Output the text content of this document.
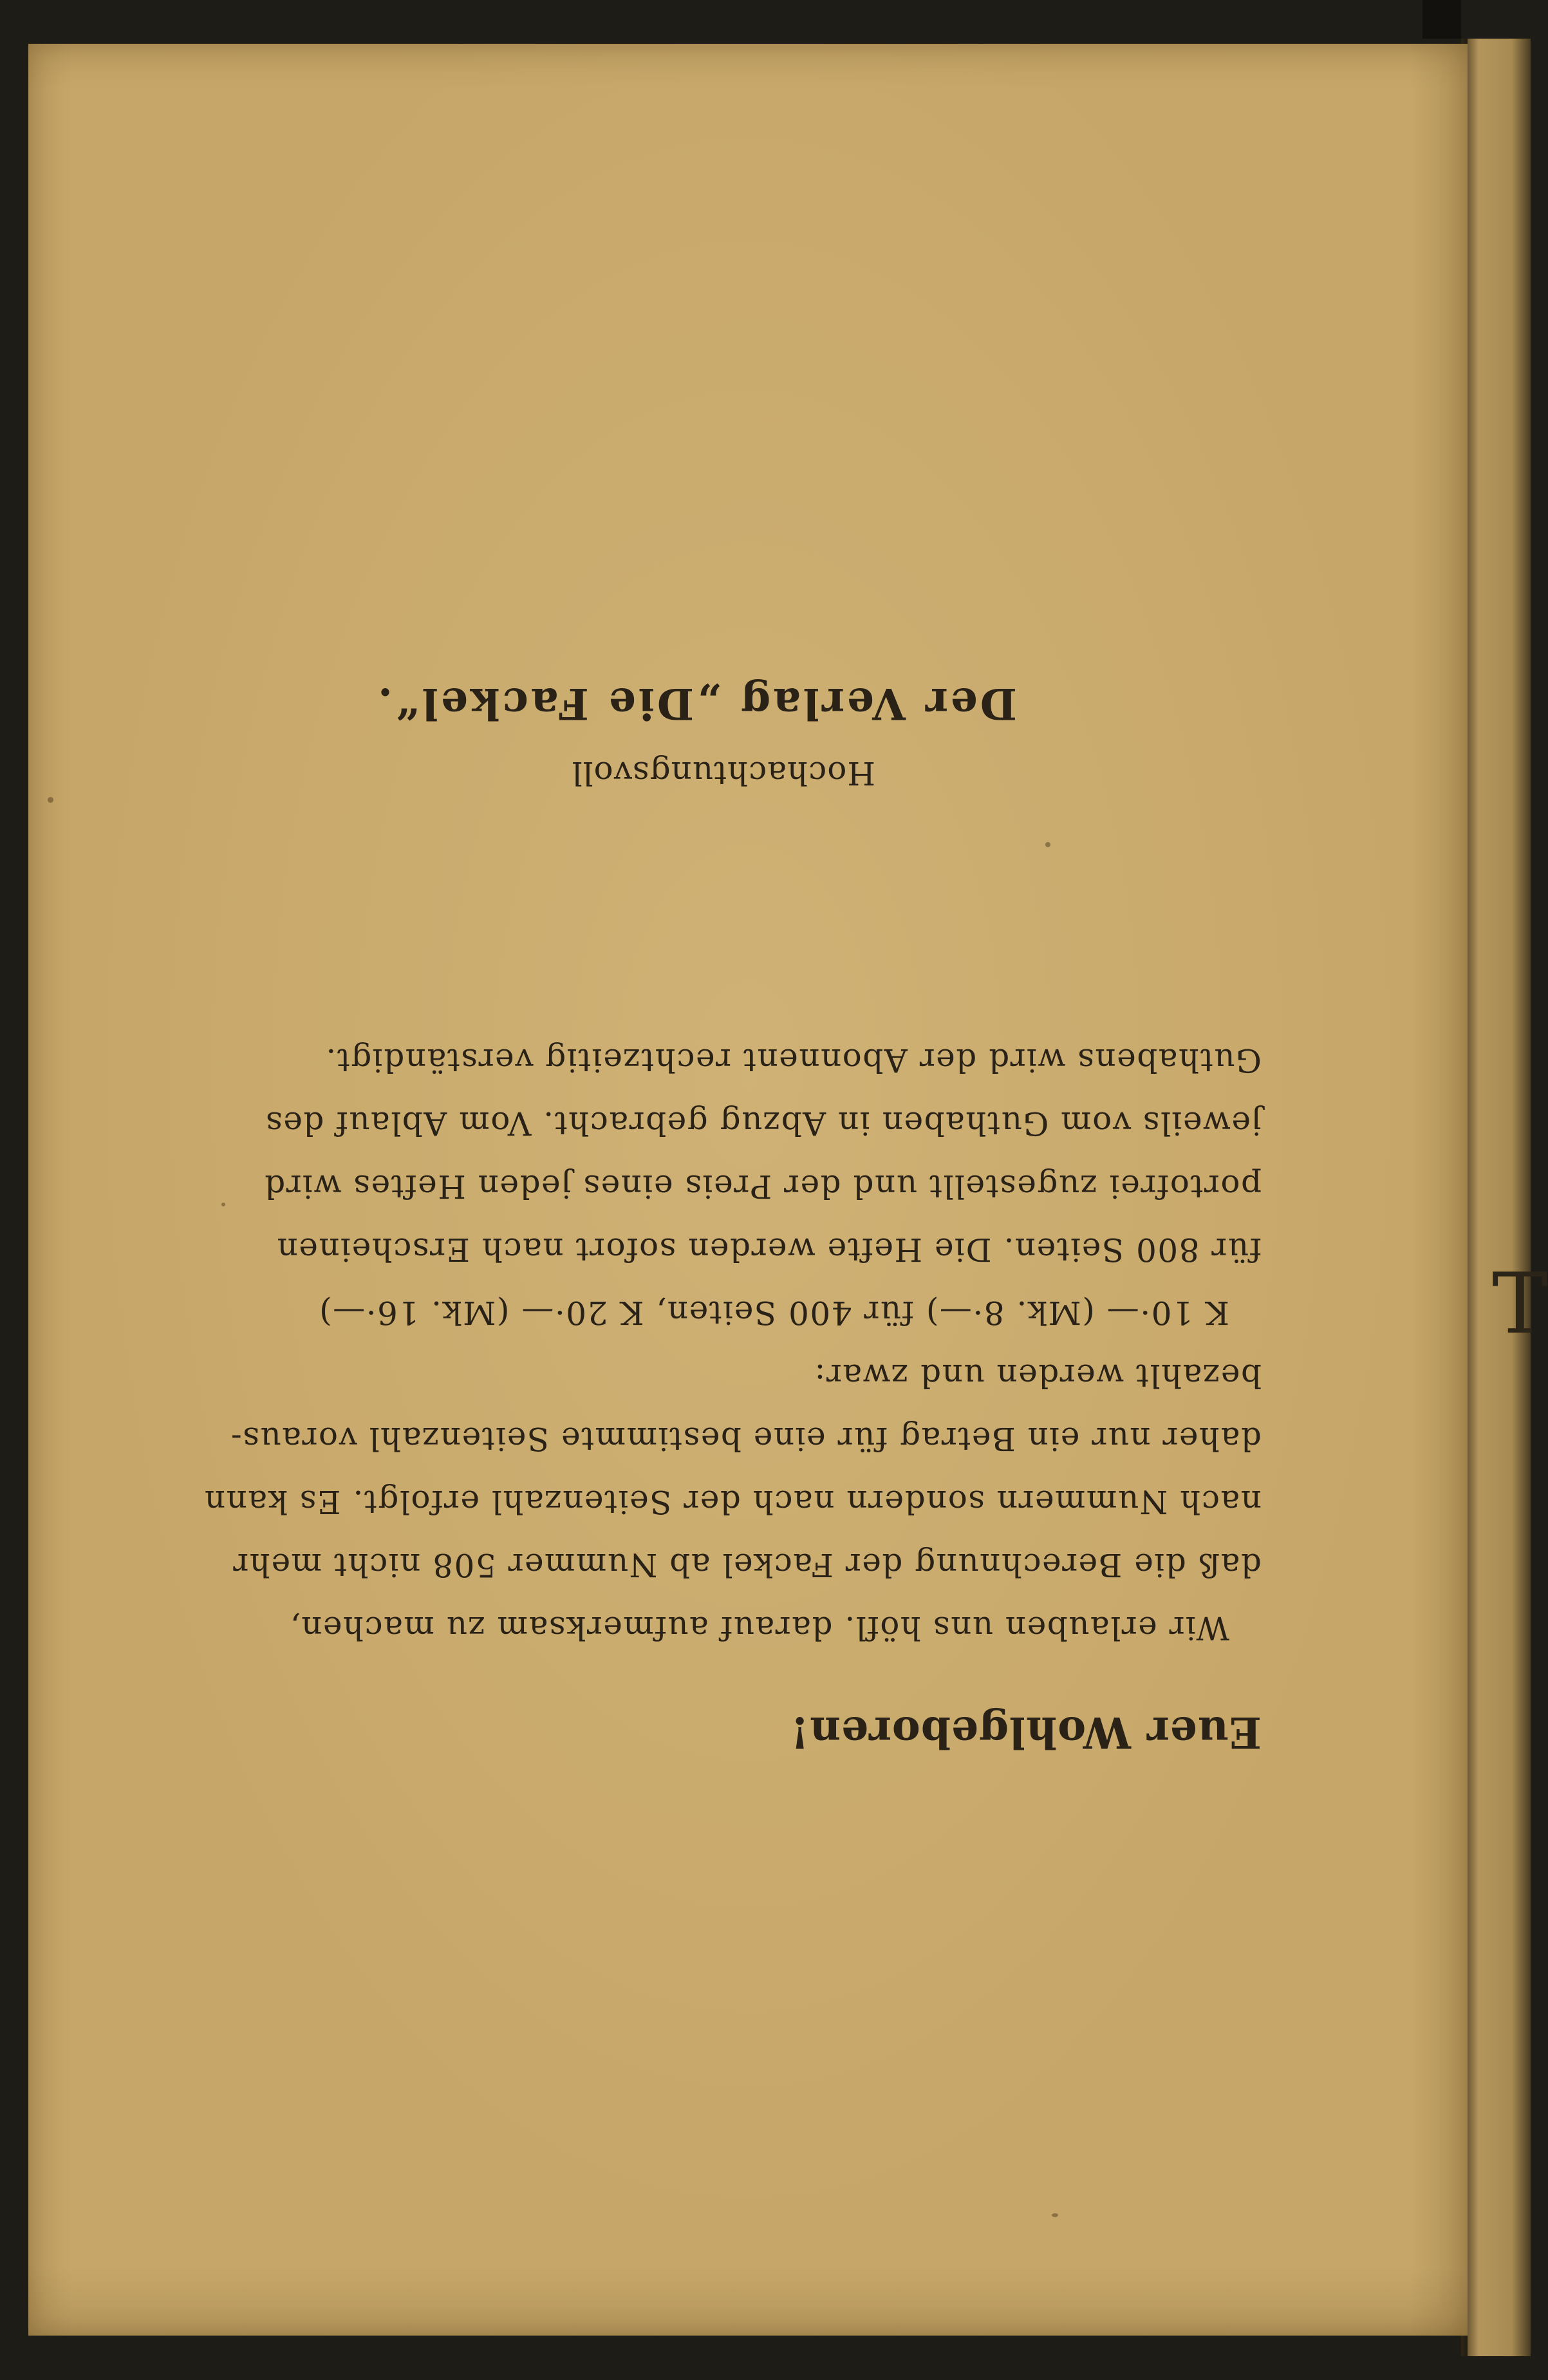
T
Euer Wohlgeboren!
Wir erlauben uns höfl. darauf aufmerksam zu machen,
daß die Berechnung der Fackel ab Nummer 508 nicht mehr
nach Nummern sondern nach der Seitenzahl erfolgt. Es kann
daher nur ein Betrag für eine bestimmte Seitenzahl voraus-
bezahlt werden und zwar:
K 10·— (Mk. 8·—) für 400 Seiten, K 20·— (Mk. 16·—)
für 800 Seiten. Die Hefte werden sofort nach Erscheinen
portofrei zugestellt und der Preis eines jeden Heftes wird
jeweils vom Guthaben in Abzug gebracht. Vom Ablauf des
Guthabens wird der Abonnent rechtzeitig verständigt.
Hochachtungsvoll
Der Verlag „Die Fackel“.
